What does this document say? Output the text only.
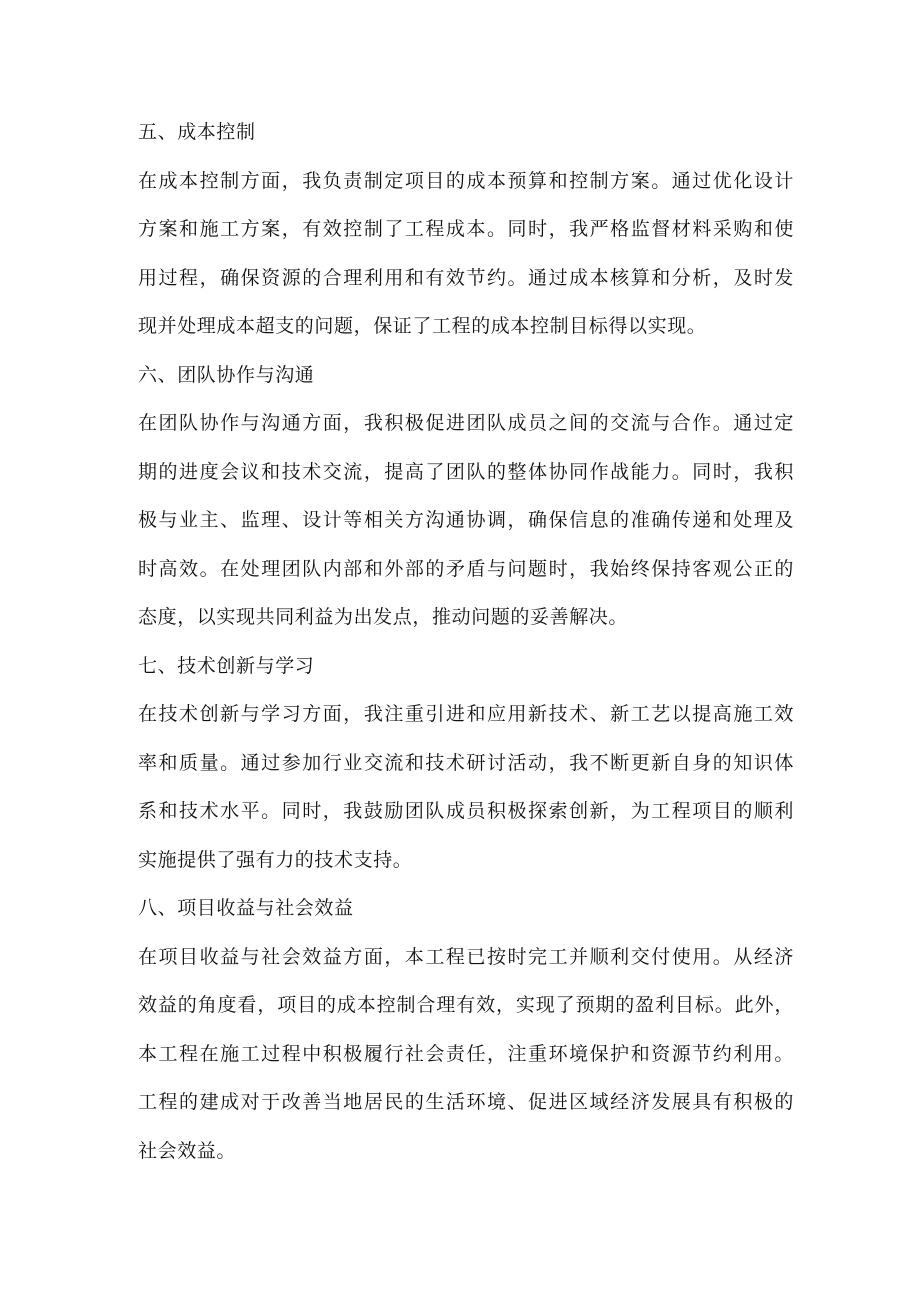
五、成本控制

在成本控制方面，我负责制定项目的成本预算和控制方案。通过优化设计
方案和施工方案，有效控制了工程成本。同时，我严格监督材料采购和使
用过程，确保资源的合理利用和有效节约。通过成本核算和分析，及时发
现并处理成本超支的问题，保证了工程的成本控制目标得以实现。

六、团队协作与沟通

在团队协作与沟通方面，我积极促进团队成员之间的交流与合作。通过定
期的进度会议和技术交流，提高了团队的整体协同作战能力。同时，我积
极与业主、监理、设计等相关方沟通协调，确保信息的准确传递和处理及
时高效。在处理团队内部和外部的矛盾与问题时，我始终保持客观公正的
态度，以实现共同利益为出发点，推动问题的妥善解决。

七、技术创新与学习

在技术创新与学习方面，我注重引进和应用新技术、新工艺以提高施工效
率和质量。通过参加行业交流和技术研讨活动，我不断更新自身的知识体
系和技术水平。同时，我鼓励团队成员积极探索创新，为工程项目的顺利
实施提供了强有力的技术支持。

八、项目收益与社会效益

在项目收益与社会效益方面，本工程已按时完工并顺利交付使用。从经济
效益的角度看，项目的成本控制合理有效，实现了预期的盈利目标。此外，
本工程在施工过程中积极履行社会责任，注重环境保护和资源节约利用。
工程的建成对于改善当地居民的生活环境、促进区域经济发展具有积极的
社会效益。
